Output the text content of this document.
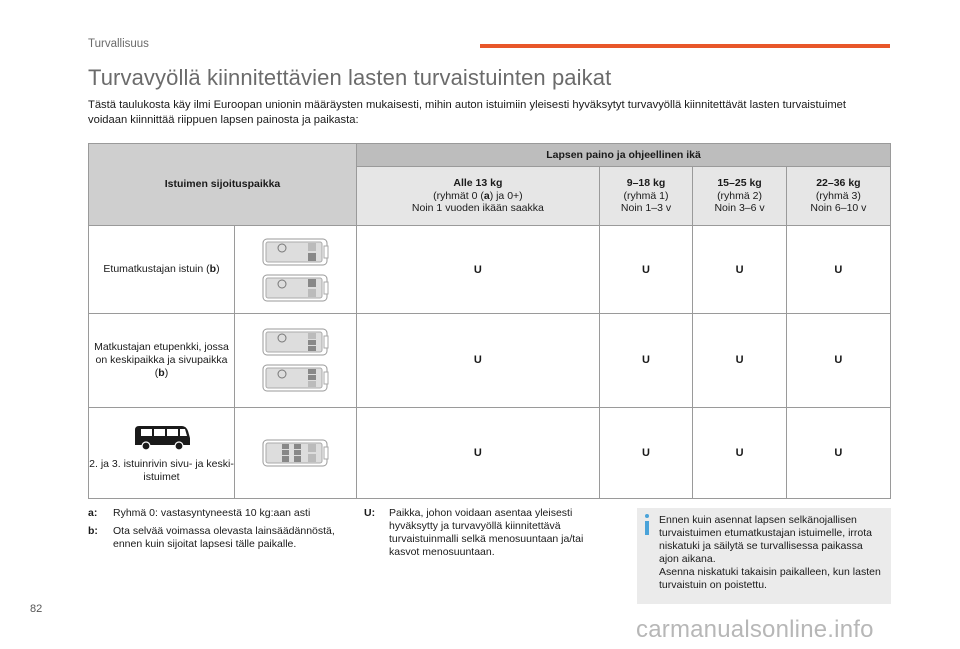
Turvallisuus
Turvavyöllä kiinnitettävien lasten turvaistuinten paikat

Tästä taulukosta käy ilmi Euroopan unionin määräysten mukaisesti, mihin auton istuimiin yleisesti hyväksytyt turvavyöllä kiinnitettävät lasten turvaistuimet voidaan kiinnittää riippuen lapsen painosta ja paikasta:

Istuimen sijoituspaikka		Lapsen paino ja ohjeellinen ikä			
		Alle 13 kg
(ryhmät 0 (a) ja 0+)
Noin 1 vuoden ikään saakka	9–18 kg
(ryhmä 1)
Noin 1–3 v	15–25 kg
(ryhmä 2)
Noin 3–6 v	22–36 kg
(ryhmä 3)
Noin 6–10 v
Etumatkustajan istuin (b)		U	U	U	U
Matkustajan etupenkki, jossa on keskipaikka ja sivupaikka (b)		U	U	U	U

2. ja 3. istuinrivin sivu- ja keski-istuimet		U	U	U	U
a:	Ryhmä 0: vastasyntyneestä 10 kg:aan asti
b:	Ota selvää voimassa olevasta lainsäädännöstä, ennen kuin sijoitat lapsesi tälle paikalle.
U:	Paikka, johon voidaan asentaa yleisesti hyväksytty ja turvavyöllä kiinnitettävä turvaistuinmalli selkä menosuuntaan ja/tai kasvot menosuuntaan.
Ennen kuin asennat lapsen selkänojallisen turvaistuimen etumatkustajan istuimelle, irrota niskatuki ja säilytä se turvallisessa paikassa ajon aikana.
Asenna niskatuki takaisin paikalleen, kun lasten turvaistuin on poistettu.
82
carmanualsonline.info
